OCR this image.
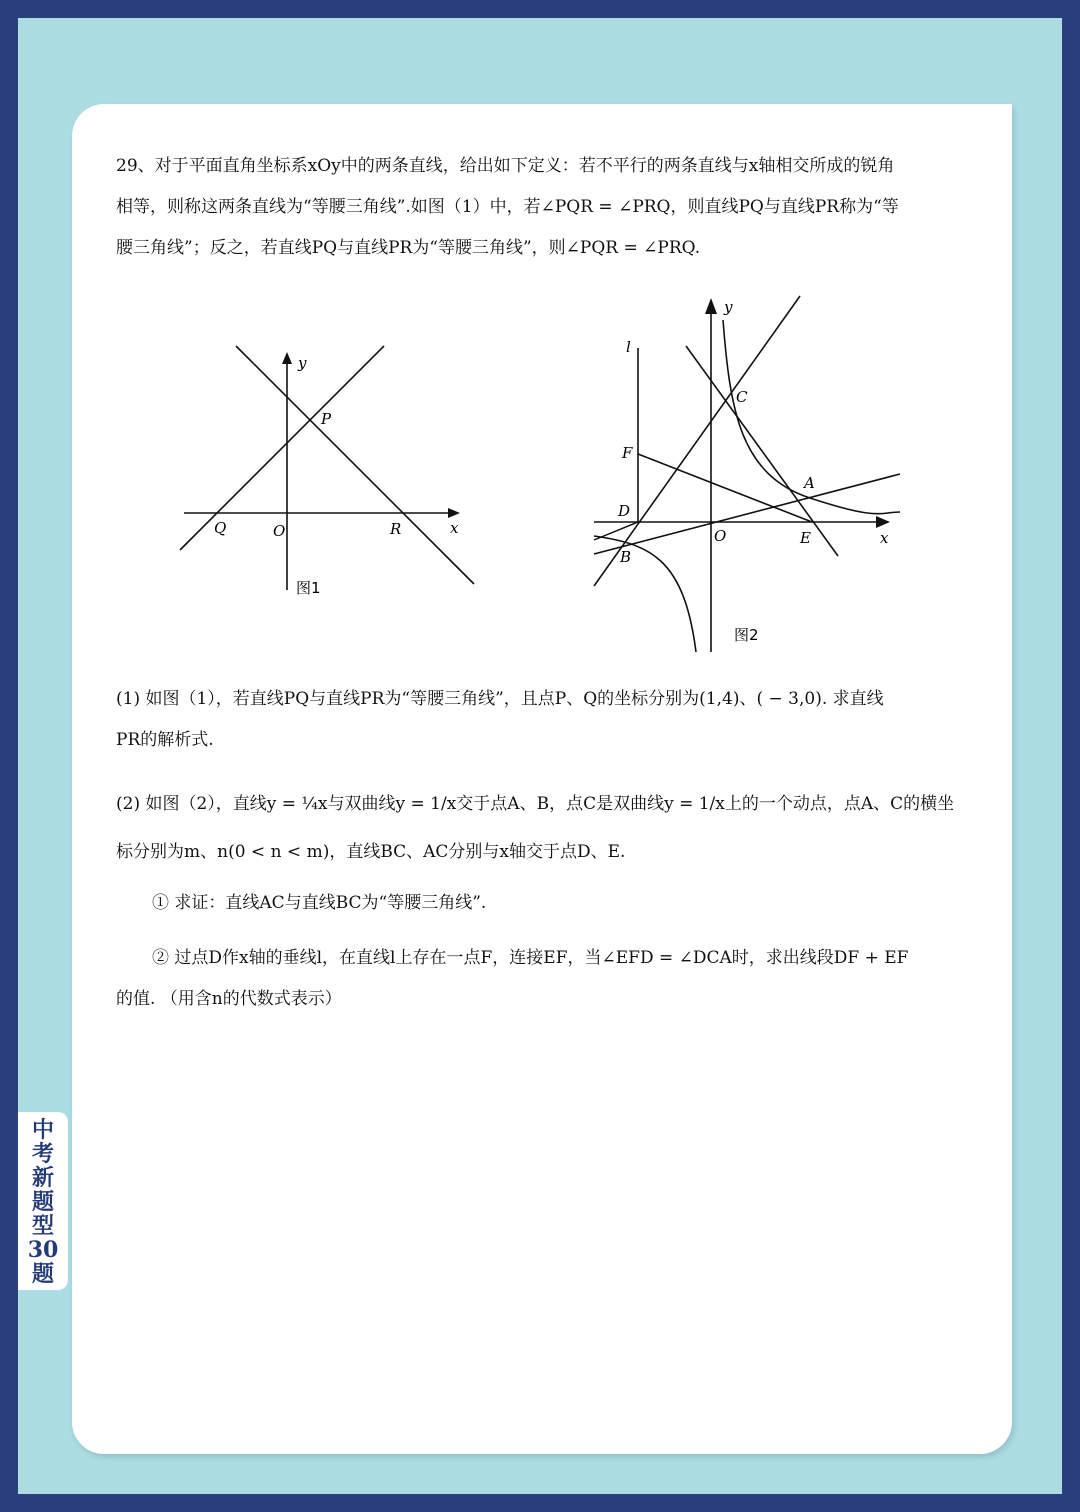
中考新题型30题
29、对于平面直角坐标系xOy中的两条直线，给出如下定义：若不平行的两条直线与x轴相交所成的锐角
相等，则称这两条直线为“等腰三角线”.如图（1）中，若∠PQR = ∠PRQ，则直线PQ与直线PR称为“等
腰三角线”；反之，若直线PQ与直线PR为“等腰三角线”，则∠PQR = ∠PRQ.
y
P
Q	O	R	x
图1
y
l
C
F
A
D
O	E	x
B
图2
(1) 如图（1），若直线PQ与直线PR为“等腰三角线”，且点P、Q的坐标分别为(1,4)、( − 3,0). 求直线
PR的解析式.
(2) 如图（2），直线y = ¼x与双曲线y = 1/x交于点A、B，点C是双曲线y = 1/x上的一个动点，点A、C的横坐
标分别为m、n(0 < n < m)，直线BC、AC分别与x轴交于点D、E.
① 求证：直线AC与直线BC为“等腰三角线”.
② 过点D作x轴的垂线l，在直线l上存在一点F，连接EF，当∠EFD = ∠DCA时，求出线段DF + EF
的值. （用含n的代数式表示）
